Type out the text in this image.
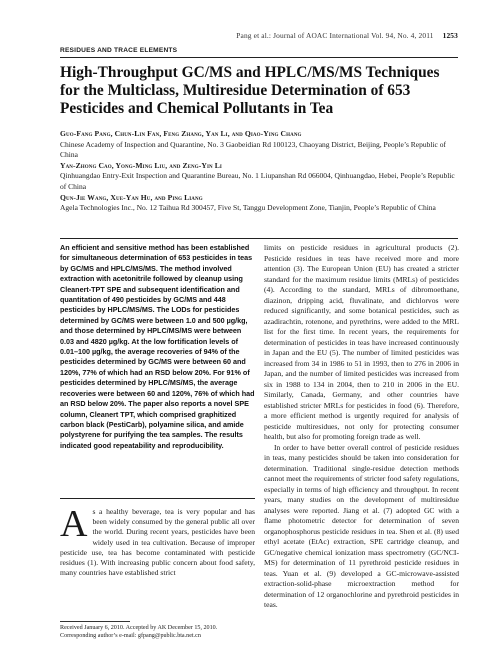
Pang et al.: Journal of AOAC International Vol. 94, No. 4, 2011 1253
RESIDUES AND TRACE ELEMENTS
High-Throughput GC/MS and HPLC/MS/MS Techniques for the Multiclass, Multiresidue Determination of 653 Pesticides and Chemical Pollutants in Tea
Guo-Fang Pang, Chun-Lin Fan, Feng Zhang, Yan Li, and Qiao-Ying Chang
Chinese Academy of Inspection and Quarantine, No. 3 Gaobeidian Rd 100123, Chaoyang District, Beijing, People’s Republic of China
Yan-Zhong Cao, Yong-Ming Liu, and Zeng-Yin Li
Qinhuangdao Entry-Exit Inspection and Quarantine Bureau, No. 1 Liupanshan Rd 066004, Qinhuangdao, Hebei, People’s Republic of China
Qun-Jie Wang, Xue-Yan Hu, and Ping Liang
Agela Technologies Inc., No. 12 Taihua Rd 300457, Five St, Tanggu Development Zone, Tianjin, People’s Republic of China

An efficient and sensitive method has been established for simultaneous determination of 653 pesticides in teas by GC/MS and HPLC/MS/MS. The method involved extraction with acetonitrile followed by cleanup using Cleanert-TPT SPE and subsequent identification and quantitation of 490 pesticides by GC/MS and 448 pesticides by HPLC/MS/MS. The LODs for pesticides determined by GC/MS were between 1.0 and 500 µg/kg, and those determined by HPLC/MS/MS were between 0.03 and 4820 µg/kg. At the low fortification levels of 0.01–100 µg/kg, the average recoveries of 94% of the pesticides determined by GC/MS were between 60 and 120%, 77% of which had an RSD below 20%. For 91% of pesticides determined by HPLC/MS/MS, the average recoveries were between 60 and 120%, 76% of which had an RSD below 20%. The paper also reports a novel SPE column, Cleanert TPT, which comprised graphitized carbon black (PestiCarb), polyamine silica, and amide polystyrene for purifying the tea samples. The results indicated good repeatability and reproducibility.

As a healthy beverage, tea is very popular and has been widely consumed by the general public all over the world. During recent years, pesticides have been widely used in tea cultivation. Because of improper pesticide use, tea has become contaminated with pesticide residues (1). With increasing public concern about food safety, many countries have established strict
Received January 6, 2010. Accepted by AK December 15, 2010.
Corresponding author’s e-mail: gfpang@public.bta.net.cn

limits on pesticide residues in agricultural products (2). Pesticide residues in teas have received more and more attention (3). The European Union (EU) has created a stricter standard for the maximum residue limits (MRLs) of pesticides (4). According to the standard, MRLs of dibromoethane, diazinon, dripping acid, fluvalinate, and dichlorvos were reduced significantly, and some botanical pesticides, such as azadirachtin, rotenone, and pyrethrins, were added to the MRL list for the first time. In recent years, the requirements for determination of pesticides in teas have increased continuously in Japan and the EU (5). The number of limited pesticides was increased from 34 in 1986 to 51 in 1993, then to 276 in 2006 in Japan, and the number of limited pesticides was increased from six in 1988 to 134 in 2004, then to 210 in 2006 in the EU. Similarly, Canada, Germany, and other countries have established stricter MRLs for pesticides in food (6). Therefore, a more efficient method is urgently required for analysis of pesticide multiresidues, not only for protecting consumer health, but also for promoting foreign trade as well.

In order to have better overall control of pesticide residues in teas, many pesticides should be taken into consideration for determination. Traditional single-residue detection methods cannot meet the requirements of stricter food safety regulations, especially in terms of high efficiency and throughput. In recent years, many studies on the development of multiresidue analyses were reported. Jiang et al. (7) adopted GC with a flame photometric detector for determination of seven organophosphorus pesticide residues in tea. Shen et al. (8) used ethyl acetate (EtAc) extraction, SPE cartridge cleanup, and GC/negative chemical ionization mass spectrometry (GC/NCI-MS) for determination of 11 pyrethroid pesticide residues in teas. Yuan et al. (9) developed a GC-microwave-assisted extraction-solid-phase microextraction method for determination of 12 organochlorine and pyrethroid pesticides in teas.
